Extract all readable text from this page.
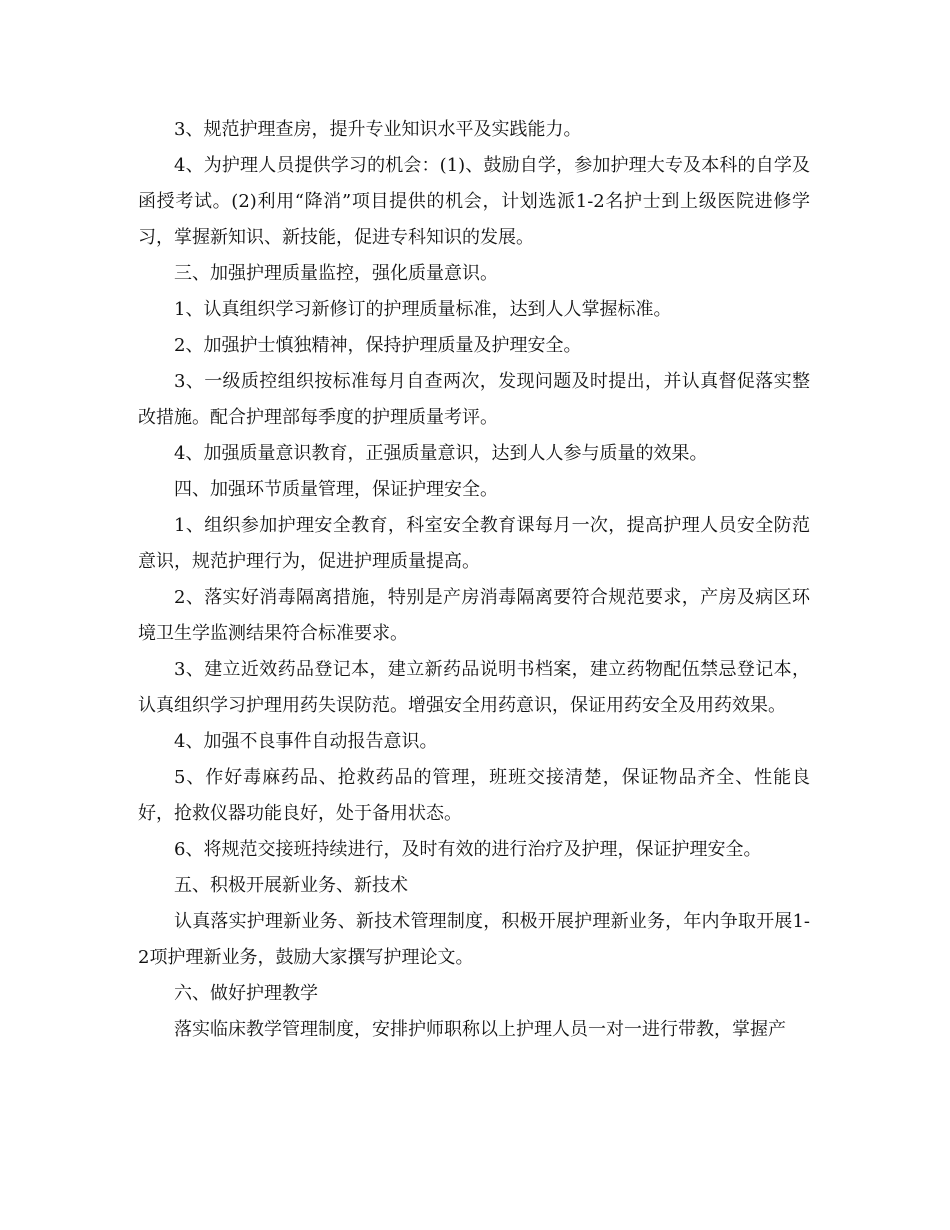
3、规范护理查房，提升专业知识水平及实践能力。

4、为护理人员提供学习的机会：(1)、鼓励自学，参加护理大专及本科的自学及函授考试。(2)利用“降消”项目提供的机会，计划选派1-2名护士到上级医院进修学习，掌握新知识、新技能，促进专科知识的发展。

三、加强护理质量监控，强化质量意识。

1、认真组织学习新修订的护理质量标准，达到人人掌握标准。

2、加强护士慎独精神，保持护理质量及护理安全。

3、一级质控组织按标准每月自查两次，发现问题及时提出，并认真督促落实整改措施。配合护理部每季度的护理质量考评。

4、加强质量意识教育，正强质量意识，达到人人参与质量的效果。

四、加强环节质量管理，保证护理安全。

1、组织参加护理安全教育，科室安全教育课每月一次，提高护理人员安全防范意识，规范护理行为，促进护理质量提高。

2、落实好消毒隔离措施，特别是产房消毒隔离要符合规范要求，产房及病区环境卫生学监测结果符合标准要求。

3、建立近效药品登记本，建立新药品说明书档案，建立药物配伍禁忌登记本，认真组织学习护理用药失误防范。增强安全用药意识，保证用药安全及用药效果。

4、加强不良事件自动报告意识。

5、作好毒麻药品、抢救药品的管理，班班交接清楚，保证物品齐全、性能良好，抢救仪器功能良好，处于备用状态。

6、将规范交接班持续进行，及时有效的进行治疗及护理，保证护理安全。

五、积极开展新业务、新技术

认真落实护理新业务、新技术管理制度，积极开展护理新业务，年内争取开展1-2项护理新业务，鼓励大家撰写护理论文。

六、做好护理教学

落实临床教学管理制度，安排护师职称以上护理人员一对一进行带教，掌握产
